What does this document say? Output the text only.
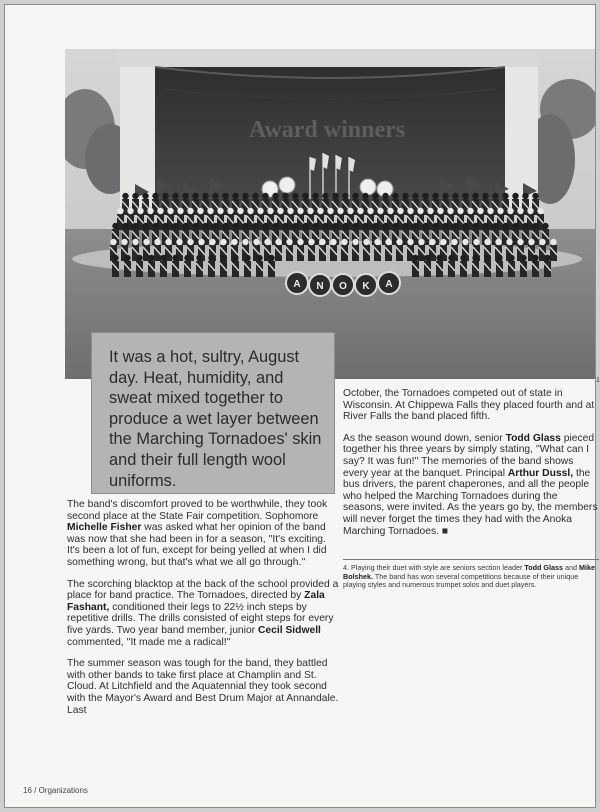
Award winners
A N O K A

It was a hot, sultry, August day. Heat, humidity, and sweat mixed together to produce a wet layer between the Marching Tornadoes' skin and their full length wool uniforms.

The band's discomfort proved to be worthwhile, they took second place at the State Fair competition. Sophomore Michelle Fisher was asked what her opinion of the band was now that she had been in for a season, ''It's exciting. It's been a lot of fun, except for being yelled at when I did something wrong, but that's what we all go through.''

The scorching blacktop at the back of the school provided a place for band practice. The Tornadoes, directed by Zala Fashant, conditioned their legs to 22½ inch steps by repetitive drills. The drills consisted of eight steps for every five yards. Two year band member, junior Cecil Sidwell commented, ''It made me a radical!''

The summer season was tough for the band, they battled with other bands to take first place at Champlin and St. Cloud. At Litchfield and the Aquatennial they took second with the Mayor's Award and Best Drum Major at Annandale. Last

1

October, the Tornadoes competed out of state in Wisconsin. At Chippewa Falls they placed fourth and at River Falls the band placed fifth.

As the season wound down, senior Todd Glass pieced together his three years by simply stating, ''What can I say? It was fun!'' The memories of the band shows every year at the banquet. Principal Arthur Dussl, the bus drivers, the parent chaperones, and all the people who helped the Marching Tornadoes during the seasons, were invited. As the years go by, the members will never forget the times they had with the Anoka Marching Tornadoes. ■

4. Playing their duet with style are seniors section leader Todd Glass and Mike Bolshek. The band has won several competitions because of their unique playing styles and numerous trumpet solos and duet players.
16 / Organizations
